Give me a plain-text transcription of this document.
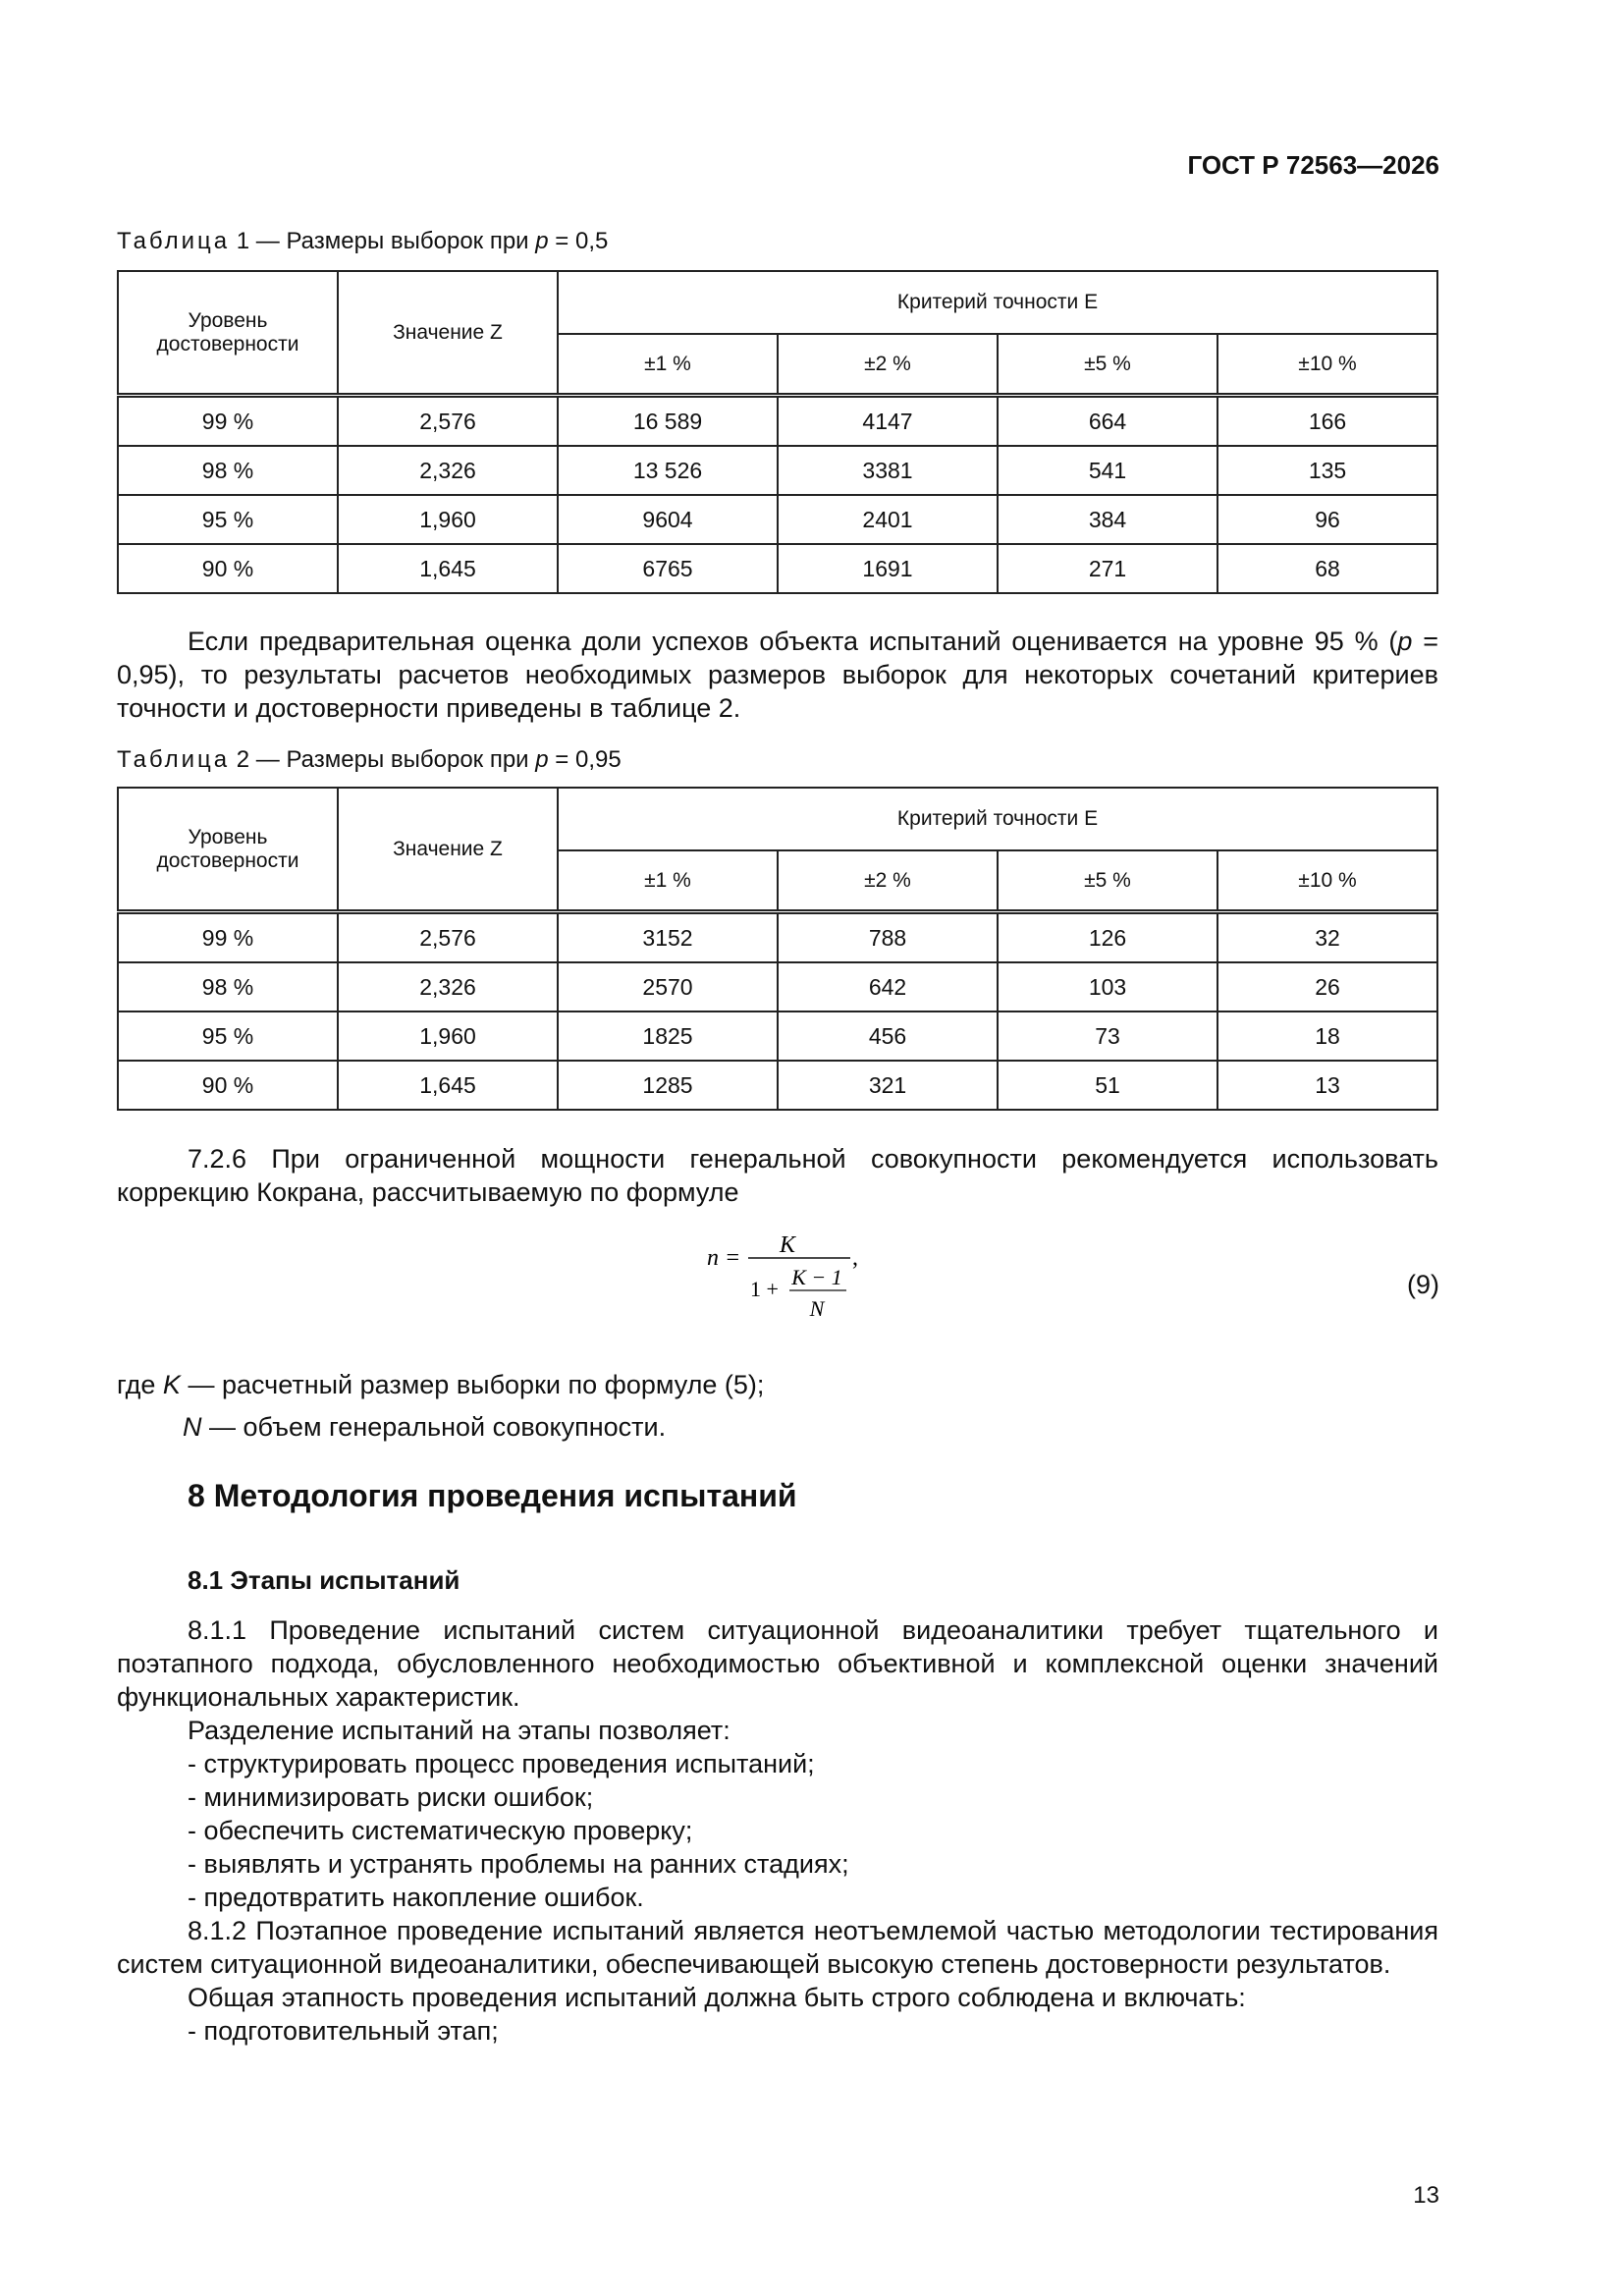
ГОСТ Р 72563—2026
Таблица 1 — Размеры выборок при p = 0,5
Уровень достоверности	Значение Z	Критерий точности Е			
		±1 %	±2 %	±5 %	±10 %
99 %	2,576	16 589	4147	664	166
98 %	2,326	13 526	3381	541	135
95 %	1,960	9604	2401	384	96
90 %	1,645	6765	1691	271	68
Если предварительная оценка доли успехов объекта испытаний оценивается на уровне 95 % (p = 0,95), то результаты расчетов необходимых размеров выборок для некоторых сочетаний критериев точности и достоверности приведены в таблице 2.
Таблица 2 — Размеры выборок при p = 0,95
Уровень достоверности	Значение Z	Критерий точности Е			
		±1 %	±2 %	±5 %	±10 %
99 %	2,576	3152	788	126	32
98 %	2,326	2570	642	103	26
95 %	1,960	1825	456	73	18
90 %	1,645	1285	321	51	13
7.2.6 При ограниченной мощности генеральной совокупности рекомендуется использовать коррекцию Кокрана, рассчитываемую по формуле
n = K
1 + K − 1
N
,
(9)
где K — расчетный размер выборки по формуле (5);
N — объем генеральной совокупности.
8 Методология проведения испытаний
8.1 Этапы испытаний

8.1.1 Проведение испытаний систем ситуационной видеоаналитики требует тщательного и поэтапного подхода, обусловленного необходимостью объективной и комплексной оценки значений функциональных характеристик.

Разделение испытаний на этапы позволяет:

- структурировать процесс проведения испытаний;

- минимизировать риски ошибок;

- обеспечить систематическую проверку;

- выявлять и устранять проблемы на ранних стадиях;

- предотвратить накопление ошибок.

8.1.2 Поэтапное проведение испытаний является неотъемлемой частью методологии тестирования систем ситуационной видеоаналитики, обеспечивающей высокую степень достоверности результатов.

Общая этапность проведения испытаний должна быть строго соблюдена и включать:

- подготовительный этап;

13
